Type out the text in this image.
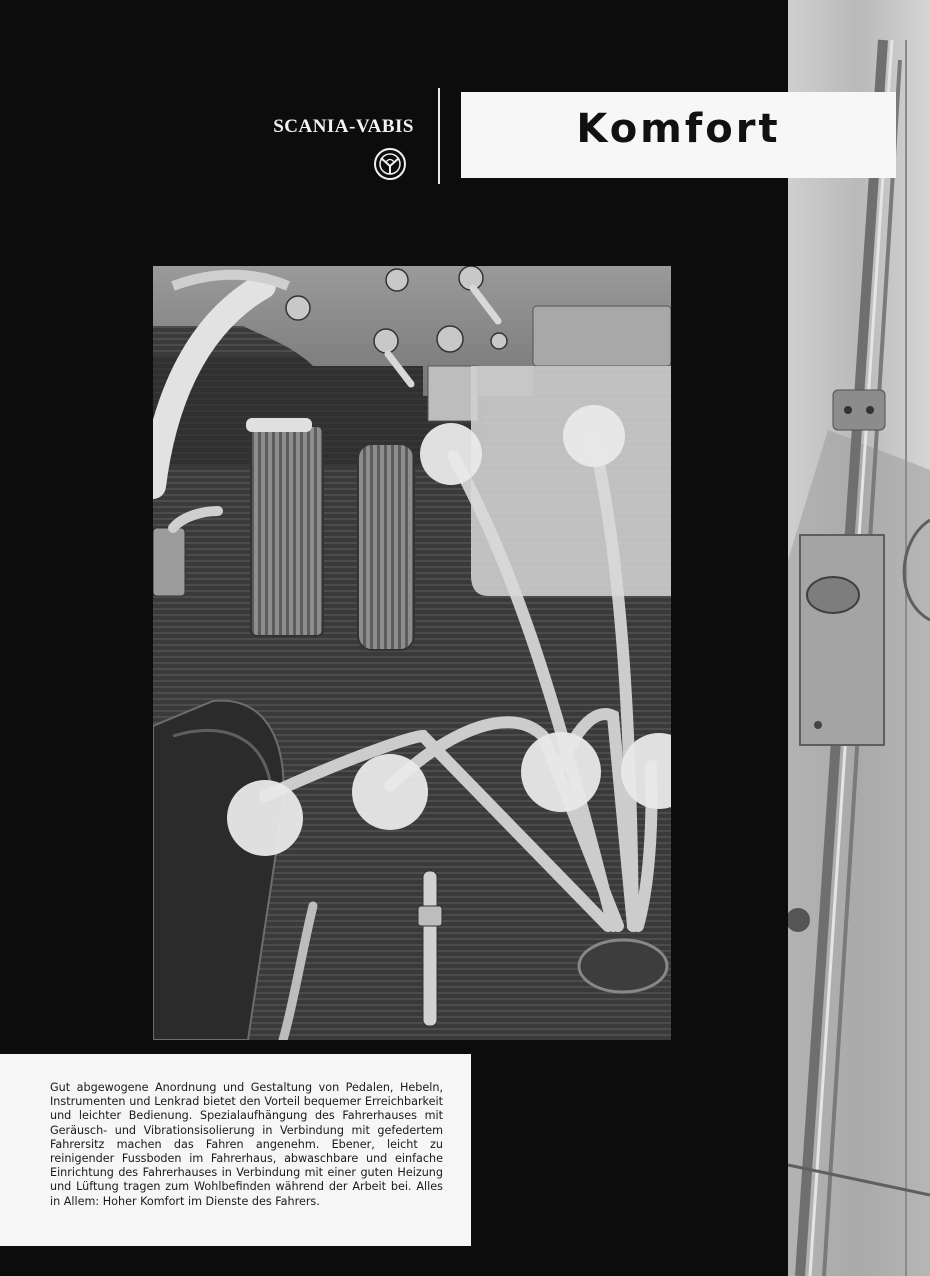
SCANIA-VABIS	Komfort

Gut abgewogene Anordnung und Gestaltung von Pedalen, Hebeln, Instrumenten und Lenkrad bietet den Vorteil bequemer Erreichbarkeit und leichter Bedienung. Spezialaufhängung des Fahrerhauses mit Geräusch- und Vibrationsisolierung in Verbindung mit gefedertem Fahrersitz machen das Fahren angenehm. Ebener, leicht zu reinigender Fussboden im Fahrerhaus, abwaschbare und einfache Einrichtung des Fahrerhauses in Verbindung mit einer guten Heizung und Lüftung tragen zum Wohlbefinden während der Arbeit bei. Alles in Allem: Hoher Komfort im Dienste des Fahrers.
